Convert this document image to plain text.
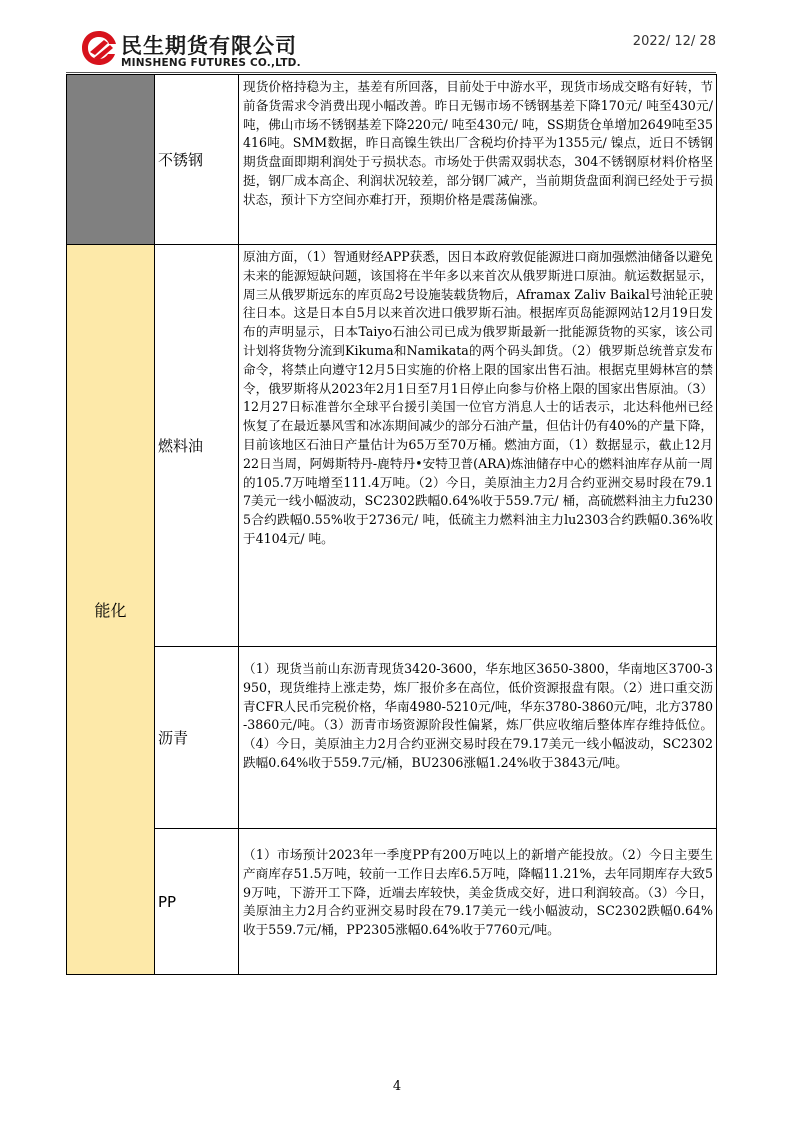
民生期货有限公司
MINSHENG FUTURES CO.,LTD.
2022/ 12/ 28
	不锈钢	现货价格持稳为主，基差有所回落，目前处于中游水平，现货市场成交略有好转，节前备货需求令消费出现小幅改善。昨日无锡市场不锈钢基差下降170元/ 吨至430元/ 吨，佛山市场不锈钢基差下降220元/ 吨至430元/ 吨，SS期货仓单增加2649吨至35416吨。SMM数据，昨日高镍生铁出厂含税均价持平为1355元/ 镍点，近日不锈钢期货盘面即期利润处于亏损状态。市场处于供需双弱状态，304不锈钢原材料价格坚挺，钢厂成本高企、利润状况较差，部分钢厂减产，当前期货盘面利润已经处于亏损状态，预计下方空间亦难打开，预期价格是震荡偏涨。

能化	燃料油	原油方面，（1）智通财经APP获悉，因日本政府敦促能源进口商加强燃油储备以避免未来的能源短缺问题，该国将在半年多以来首次从俄罗斯进口原油。航运数据显示，周三从俄罗斯远东的库页岛2号设施装载货物后，Aframax Zaliv Baikal号油轮正驶往日本。这是日本自5月以来首次进口俄罗斯石油。根据库页岛能源网站12月19日发布的声明显示，日本Taiyo石油公司已成为俄罗斯最新一批能源货物的买家，该公司计划将货物分流到Kikuma和Namikata的两个码头卸货。（2）俄罗斯总统普京发布命令，将禁止向遵守12月5日实施的价格上限的国家出售石油。根据克里姆林宫的禁令，俄罗斯将从2023年2月1日至7月1日停止向参与价格上限的国家出售原油。（3）12月27日标准普尔全球平台援引美国一位官方消息人士的话表示，北达科他州已经恢复了在最近暴风雪和冰冻期间减少的部分石油产量，但估计仍有40%的产量下降，目前该地区石油日产量估计为65万至70万桶。燃油方面，（1）数据显示，截止12月22日当周，阿姆斯特丹-鹿特丹•安特卫普(ARA)炼油储存中心的燃料油库存从前一周的105.7万吨增至111.4万吨。（2）今日，美原油主力2月合约亚洲交易时段在79.17美元一线小幅波动，SC2302跌幅0.64%收于559.7元/ 桶，高硫燃料油主力fu2305合约跌幅0.55%收于2736元/ 吨，低硫主力燃料油主力lu2303合约跌幅0.36%收于4104元/ 吨。

	沥青	（1）现货当前山东沥青现货3420-3600，华东地区3650-3800，华南地区3700-3950，现货维持上涨走势，炼厂报价多在高位，低价资源报盘有限。（2）进口重交沥青CFR人民币完税价格，华南4980-5210元/吨，华东3780-3860元/吨，北方3780-3860元/吨。（3）沥青市场资源阶段性偏紧，炼厂供应收缩后整体库存维持低位。（4）今日，美原油主力2月合约亚洲交易时段在79.17美元一线小幅波动，SC2302跌幅0.64%收于559.7元/桶，BU2306涨幅1.24%收于3843元/吨。

	PP	（1）市场预计2023年一季度PP有200万吨以上的新增产能投放。（2）今日主要生产商库存51.5万吨，较前一工作日去库6.5万吨，降幅11.21%，去年同期库存大致59万吨，下游开工下降，近端去库较快，美金货成交好，进口利润较高。（3）今日，美原油主力2月合约亚洲交易时段在79.17美元一线小幅波动，SC2302跌幅0.64%收于559.7元/桶，PP2305涨幅0.64%收于7760元/吨。
4
